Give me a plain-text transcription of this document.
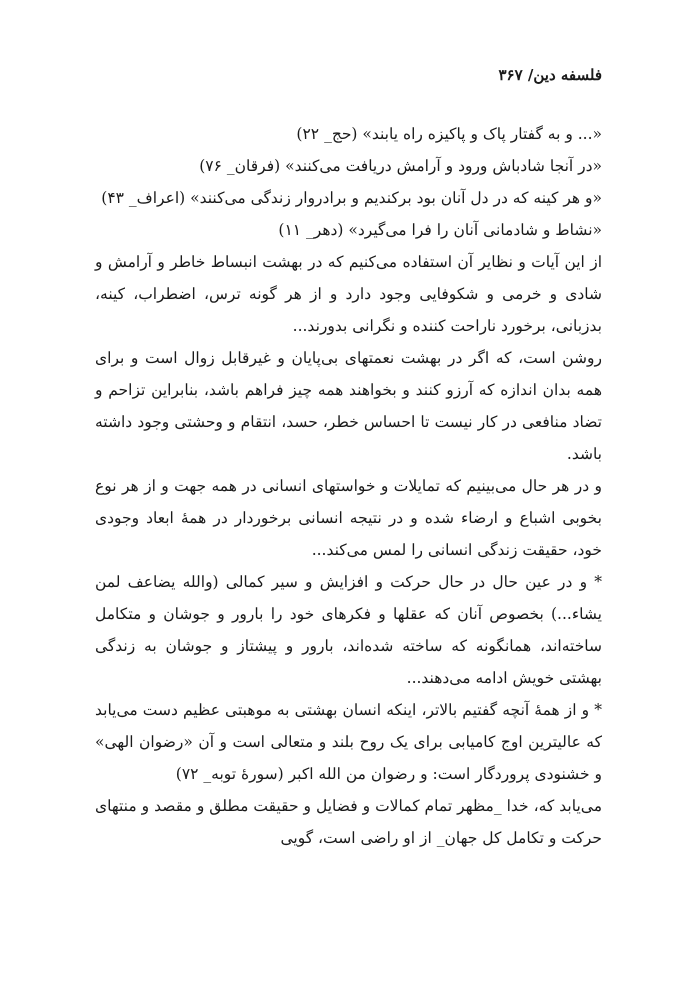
فلسفه دین/ ۳۶۷

«... و به گفتار پاک و پاکیزه راه یابند» (حج_ ۲۲)

«در آنجا شادباش ورود و آرامش دریافت می‌کنند» (فرقان_ ۷۶)

«و هر کینه که در دل آنان بود برکندیم و برادروار زندگی می‌کنند» (اعراف_ ۴۳)

«نشاط و شادمانی آنان را فرا می‌گیرد» (دهر_ ۱۱)

از این آیات و نظایر آن استفاده می‌کنیم که در بهشت انبساط خاطر و آرامش و شادی و خرمی و شکوفایی وجود دارد و از هر گونه ترس، اضطراب، کینه، بدزبانی، برخورد ناراحت کننده و نگرانی بدورند...

روشن است، که اگر در بهشت نعمتهای بی‌پایان و غیرقابل زوال است و برای همه بدان اندازه که آرزو کنند و بخواهند همه چیز فراهم باشد، بنابراین تزاحم و تضاد منافعی در کار نیست تا احساس خطر، حسد، انتقام و وحشتی وجود داشته باشد.

و در هر حال می‌بینیم که تمایلات و خواستهای انسانی در همه جهت و از هر نوع بخوبی اشباع و ارضاء شده و در نتیجه انسانی برخوردار در همهٔ ابعاد وجودی خود، حقیقت زندگی انسانی را لمس می‌کند...

* و در عین حال در حال حرکت و افزایش و سیر کمالی (والله یضاعف لمن یشاء...) بخصوص آنان که عقلها و فکرهای خود را بارور و جوشان و متکامل ساخته‌اند، همانگونه که ساخته شده‌اند، بارور و پیشتاز و جوشان به زندگی بهشتی خویش ادامه می‌دهند...

* و از همهٔ آنچه گفتیم بالاتر، اینکه انسان بهشتی به موهبتی عظیم دست می‌یابد که عالیترین اوج کامیابی برای یک روح بلند و متعالی است و آن «رضوان الهی» و خشنودی پروردگار است: و رضوان من الله اکبر (سورهٔ توبه_ ۷۲)

می‌یابد که، خدا _مظهر تمام کمالات و فضایل و حقیقت مطلق و مقصد و منتهای حرکت و تکامل کل جهان_ از او راضی است، گویی
